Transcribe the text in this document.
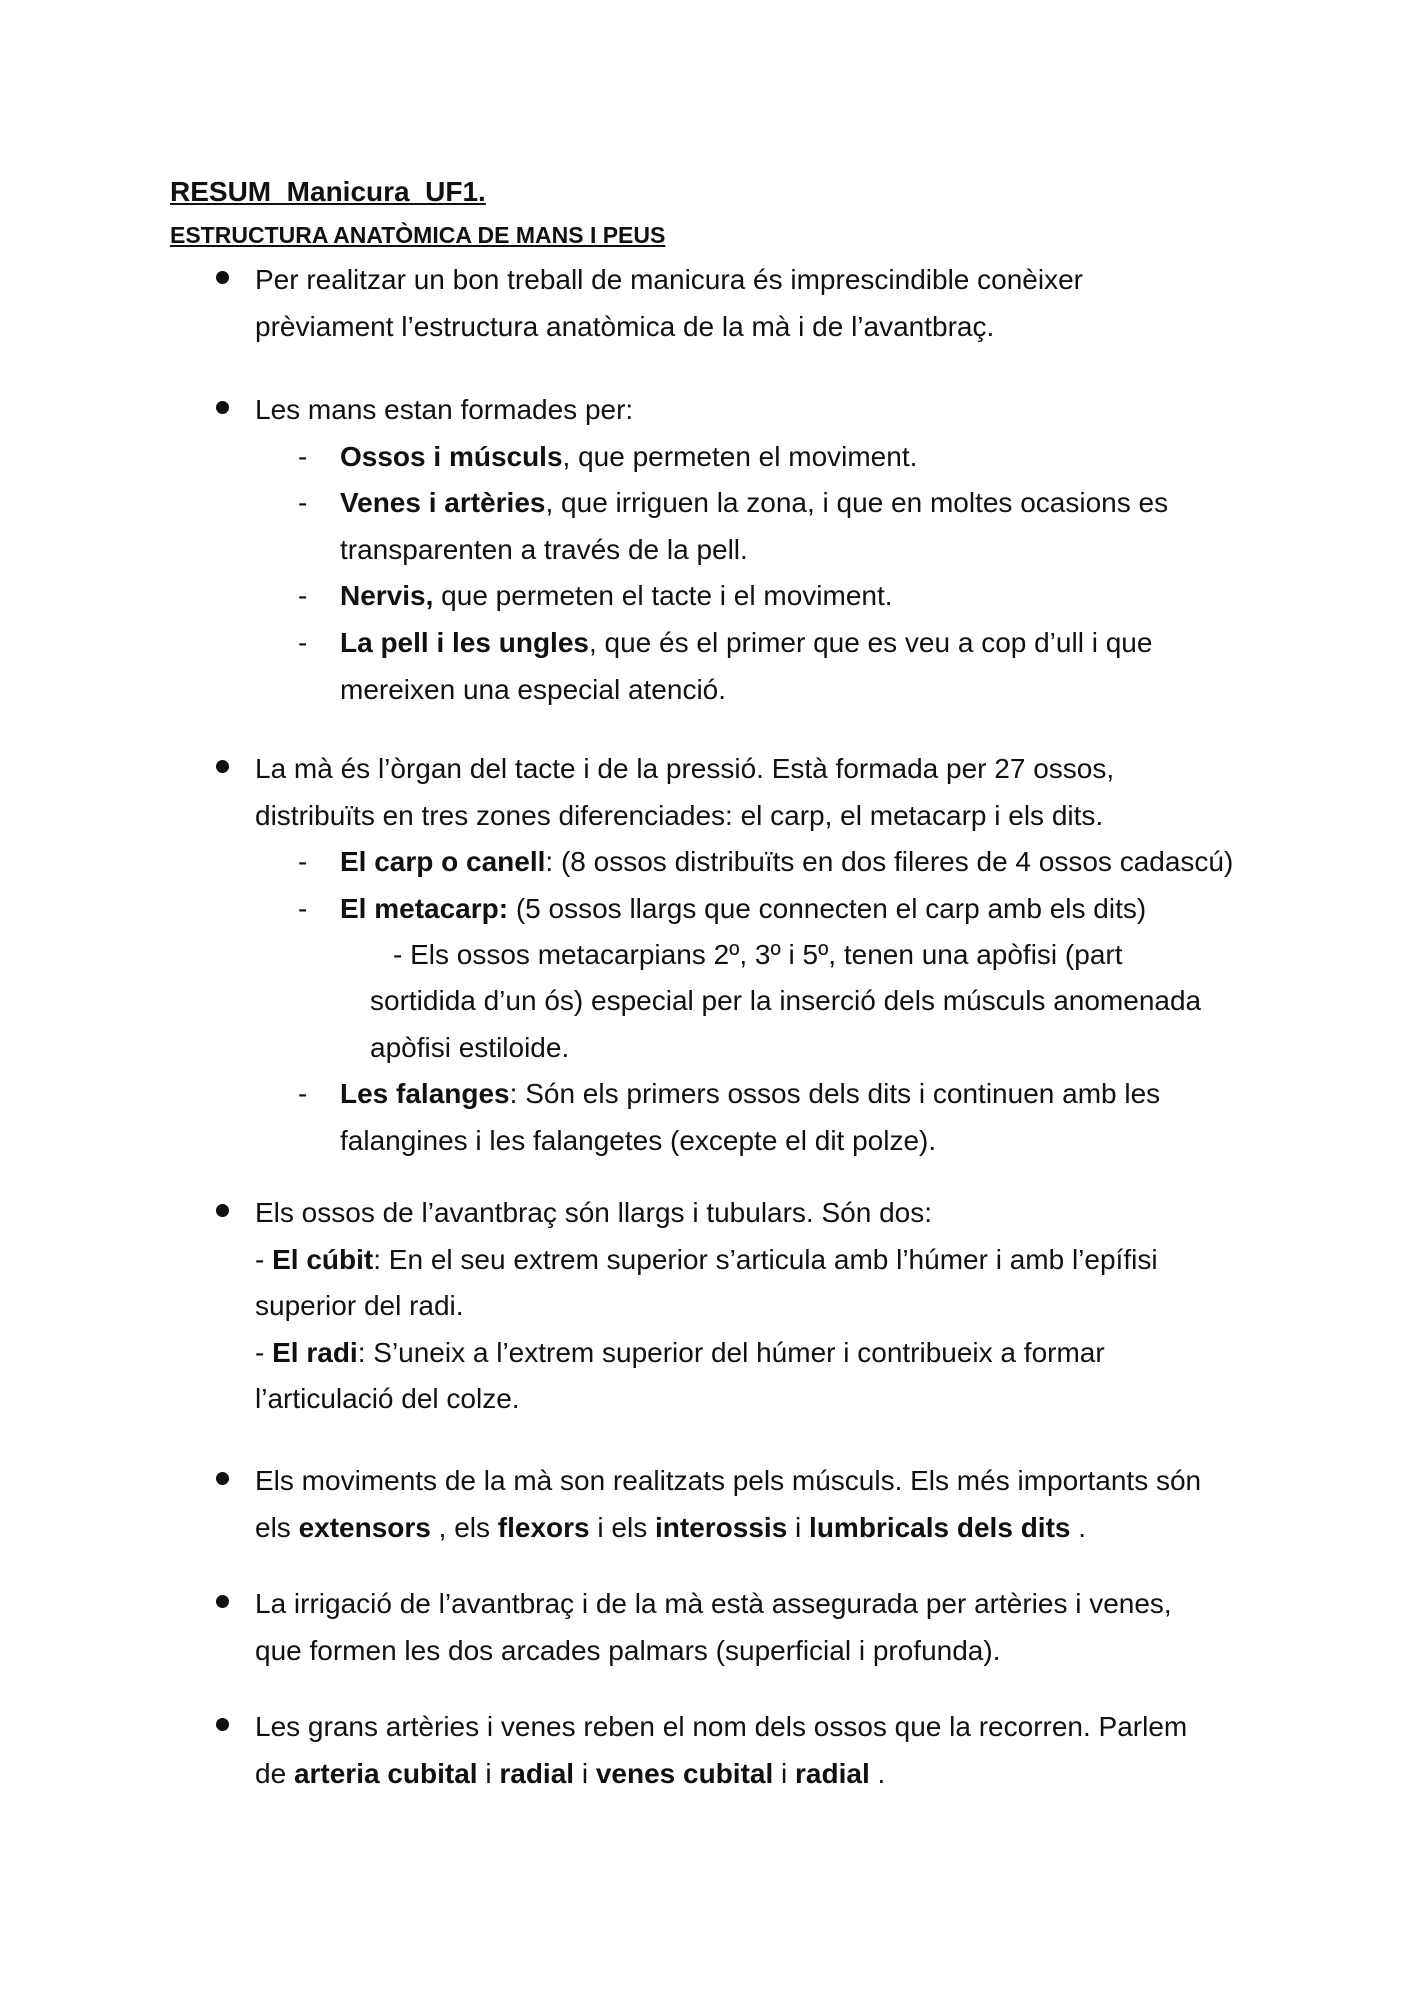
RESUM  Manicura  UF1.
ESTRUCTURA ANATÒMICA DE MANS I PEUS
Per realitzar un bon treball de manicura és imprescindible conèixer
prèviament l’estructura anatòmica de la mà i de l’avantbraç.
Les mans estan formades per:
- Ossos i músculs, que permeten el moviment.
- Venes i artèries, que irriguen la zona, i que en moltes ocasions es
transparenten a través de la pell.
- Nervis, que permeten el tacte i el moviment.
- La pell i les ungles, que és el primer que es veu a cop d’ull i que
mereixen una especial atenció.
La mà és l’òrgan del tacte i de la pressió. Està formada per 27 ossos,
distribuïts en tres zones diferenciades: el carp, el metacarp i els dits.
- El carp o canell: (8 ossos distribuïts en dos fileres de 4 ossos cadascú)
- El metacarp: (5 ossos llargs que connecten el carp amb els dits)
- Els ossos metacarpians 2º, 3º i 5º, tenen una apòfisi (part
sortidida d’un ós) especial per la inserció dels músculs anomenada
apòfisi estiloide.
- Les falanges: Són els primers ossos dels dits i continuen amb les
falangines i les falangetes (excepte el dit polze).
Els ossos de l’avantbraç són llargs i tubulars. Són dos:
- El cúbit: En el seu extrem superior s’articula amb l’húmer i amb l’epífisi
superior del radi.
- El radi: S’uneix a l’extrem superior del húmer i contribueix a formar
l’articulació del colze.
Els moviments de la mà son realitzats pels músculs. Els més importants són
els extensors , els flexors i els interossis i lumbricals dels dits .
La irrigació de l’avantbraç i de la mà està assegurada per artèries i venes,
que formen les dos arcades palmars (superficial i profunda).
Les grans artèries i venes reben el nom dels ossos que la recorren. Parlem
de arteria cubital i radial i venes cubital i radial .
